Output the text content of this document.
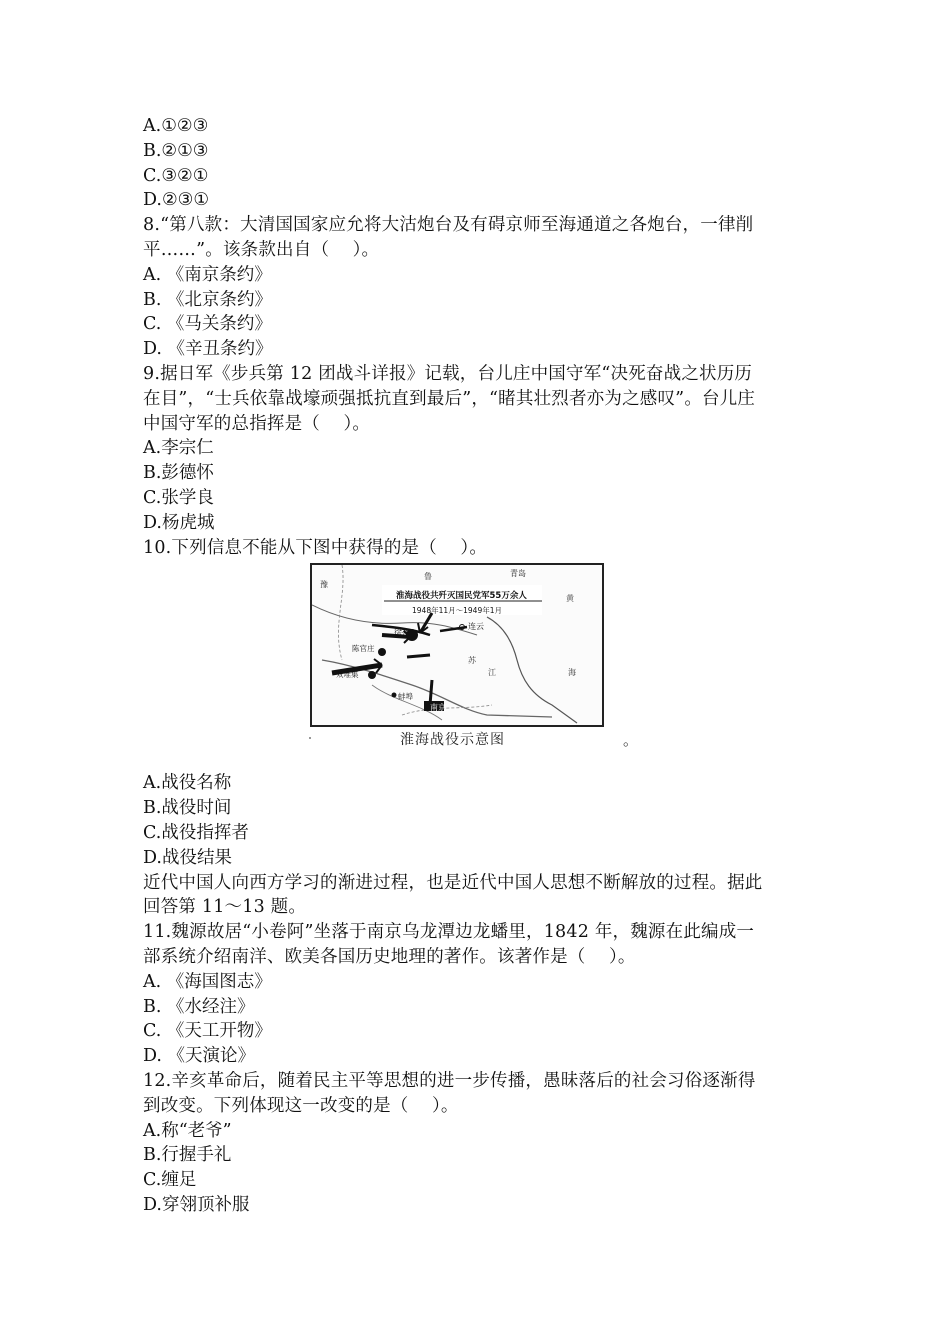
A.①②③
B.②①③
C.③②①
D.②③①
8.“第八款：大清国国家应允将大沽炮台及有碍京师至海通道之各炮台，一律削
平……”。该条款出自（　 ）。
A. 《南京条约》
B. 《北京条约》
C. 《马关条约》
D. 《辛丑条约》
9.据日军《步兵第 12 团战斗详报》记载，台儿庄中国守军“决死奋战之状历历
在目”，“士兵依靠战壕顽强抵抗直到最后”，“睹其壮烈者亦为之感叹”。台儿庄
中国守军的总指挥是（　 ）。
A.李宗仁
B.彭德怀
C.张学良
D.杨虎城
10.下列信息不能从下图中获得的是（　 ）。
淮海战役共歼灭国民党军55万余人
1948年11月～1949年1月
青岛
徐州
连云
陈官庄
双堆集
蚌埠
南京
鲁
苏
江	海
黄
豫
淮海战役示意图	。
A.战役名称
B.战役时间
C.战役指挥者
D.战役结果
近代中国人向西方学习的渐进过程，也是近代中国人思想不断解放的过程。据此
回答第 11～13 题。
11.魏源故居“小卷阿”坐落于南京乌龙潭边龙蟠里，1842 年，魏源在此编成一
部系统介绍南洋、欧美各国历史地理的著作。该著作是（　 ）。
A. 《海国图志》
B. 《水经注》
C. 《天工开物》
D. 《天演论》
12.辛亥革命后，随着民主平等思想的进一步传播，愚昧落后的社会习俗逐渐得
到改变。下列体现这一改变的是（　 ）。
A.称“老爷”
B.行握手礼
C.缠足
D.穿翎顶补服
